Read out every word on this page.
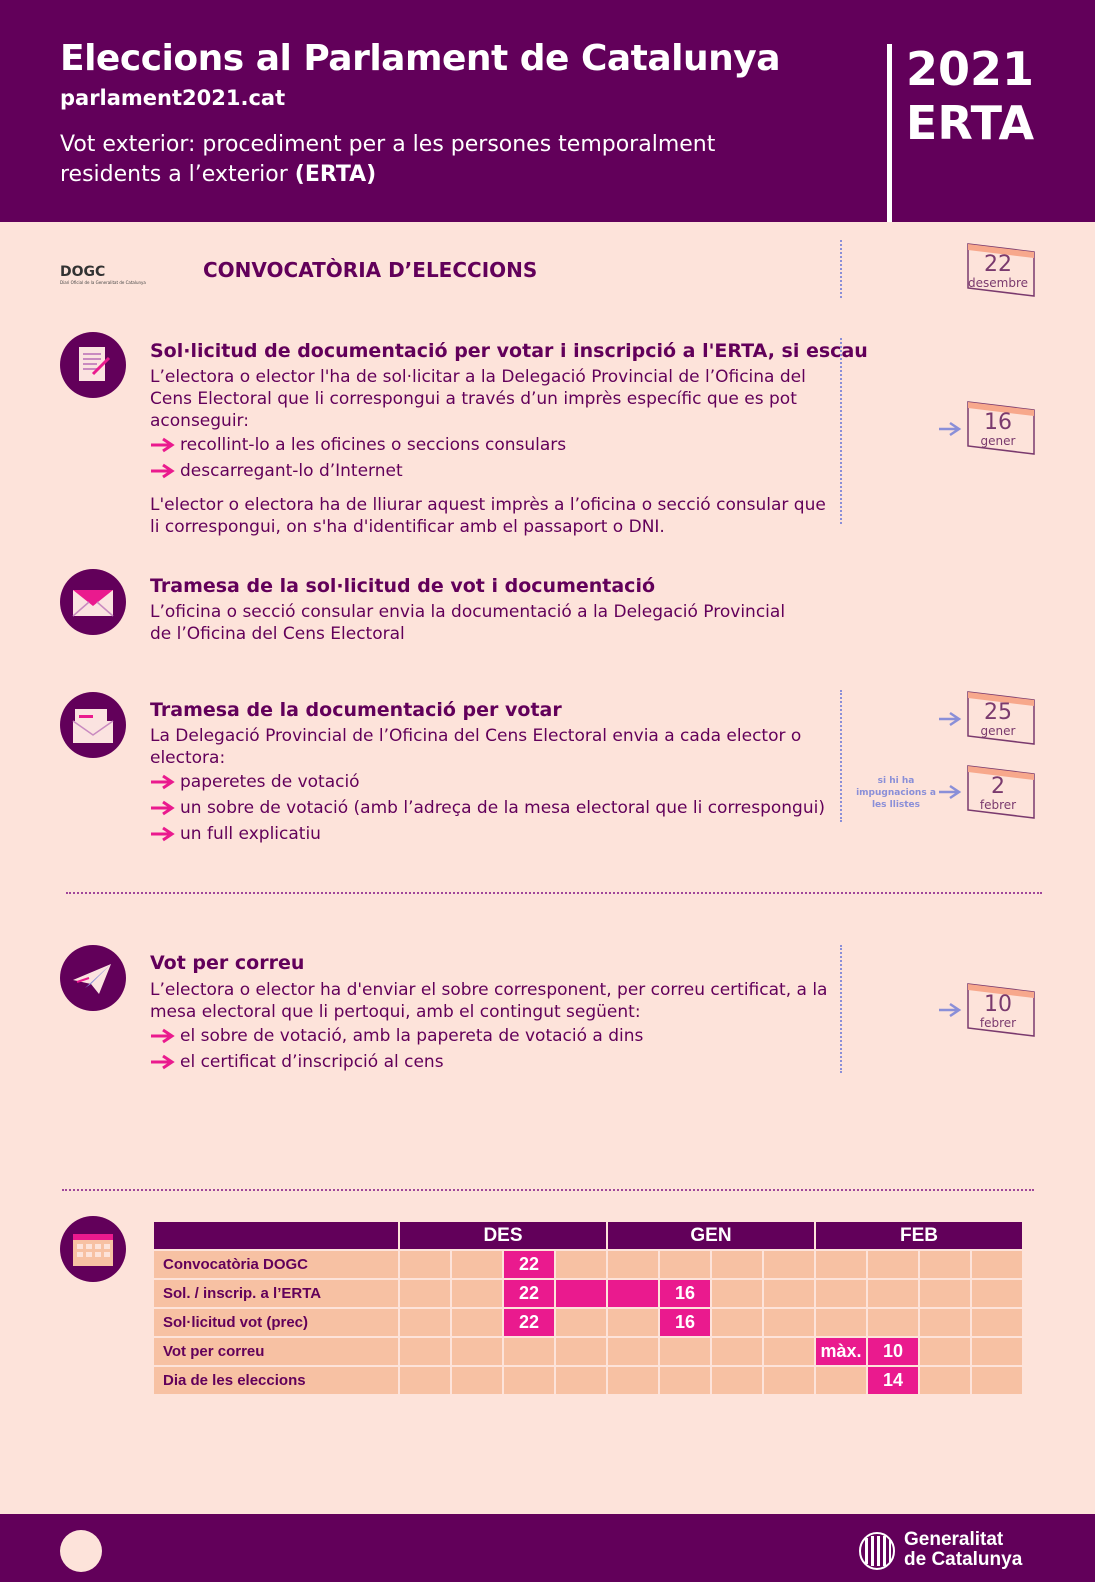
Eleccions al Parlament de Catalunya
parlament2021.cat
Vot exterior: procediment per a les persones temporalment residents a l’exterior (ERTA)
2021
ERTA
DOGC
Diari Oficial de la Generalitat de Catalunya
CONVOCATÒRIA D’ELECCIONS	22
desembre
Sol·licitud de documentació per votar i inscripció a l'ERTA, si escau
L’electora o elector l'ha de sol·licitar a la Delegació Provincial de l’Oficina del Cens Electoral que li correspongui a través d’un imprès específic que es pot aconseguir:
recollint-lo a les oficines o seccions consulars
descarregant-lo d’Internet
L'elector o electora ha de lliurar aquest imprès a l’oficina o secció consular que li correspongui, on s'ha d'identificar amb el passaport o DNI.
16
gener
Tramesa de la sol·licitud de vot i documentació
L’oficina o secció consular envia la documentació a la Delegació Provincial de l’Oficina del Cens Electoral
Tramesa de la documentació per votar
La Delegació Provincial de l’Oficina del Cens Electoral envia a cada elector o electora:
paperetes de votació
un sobre de votació (amb l’adreça de la mesa electoral que li correspongui)
un full explicatiu
25
gener
si hi ha impugnacions a les llistes
2
febrer
Vot per correu
L’electora o elector ha d'enviar el sobre corresponent, per correu certificat, a la mesa electoral que li pertoqui, amb el contingut següent:
el sobre de votació, amb la papereta de votació a dins
el certificat d’inscripció al cens
10
febrer
	DES				GEN				FEB			
Convocatòria DOGC			22									
Sol. / inscrip. a l’ERTA			22			16						
Sol·licitud vot (prec)			22			16						
Vot per correu									màx.	10		
Dia de les eleccions										14		
Generalitat
de Catalunya
